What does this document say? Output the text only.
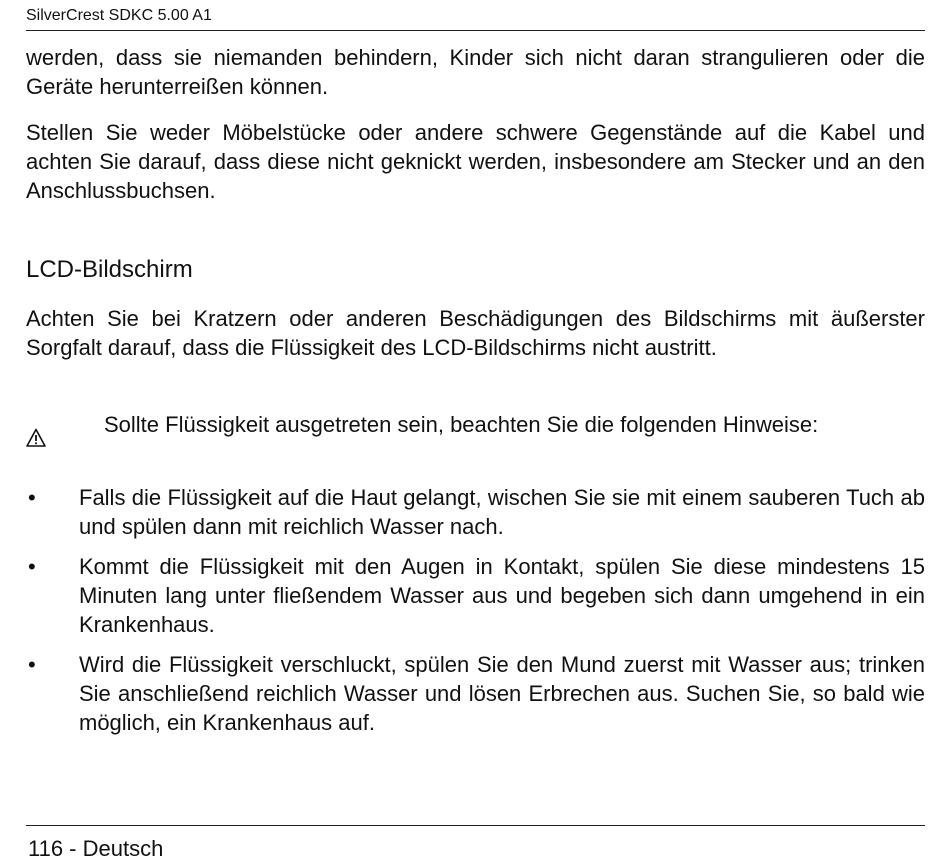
SilverCrest SDKC 5.00 A1

werden, dass sie niemanden behindern, Kinder sich nicht daran strangulieren oder die Geräte herunterreißen können.

Stellen Sie weder Möbelstücke oder andere schwere Gegenstände auf die Kabel und achten Sie darauf, dass diese nicht geknickt werden, insbesondere am Stecker und an den Anschlussbuchsen.

LCD-Bildschirm

Achten Sie bei Kratzern oder anderen Beschädigungen des Bildschirms mit äußerster Sorgfalt darauf, dass die Flüssigkeit des LCD-Bildschirms nicht austritt.

Sollte Flüssigkeit ausgetreten sein, beachten Sie die folgenden Hinweise:

• Falls die Flüssigkeit auf die Haut gelangt, wischen Sie sie mit einem sauberen Tuch ab und spülen dann mit reichlich Wasser nach.
• Kommt die Flüssigkeit mit den Augen in Kontakt, spülen Sie diese mindestens 15 Minuten lang unter fließendem Wasser aus und begeben sich dann umgehend in ein Krankenhaus.
• Wird die Flüssigkeit verschluckt, spülen Sie den Mund zuerst mit Wasser aus; trinken Sie anschließend reichlich Wasser und lösen Erbrechen aus. Suchen Sie, so bald wie möglich, ein Krankenhaus auf.
116 - Deutsch
